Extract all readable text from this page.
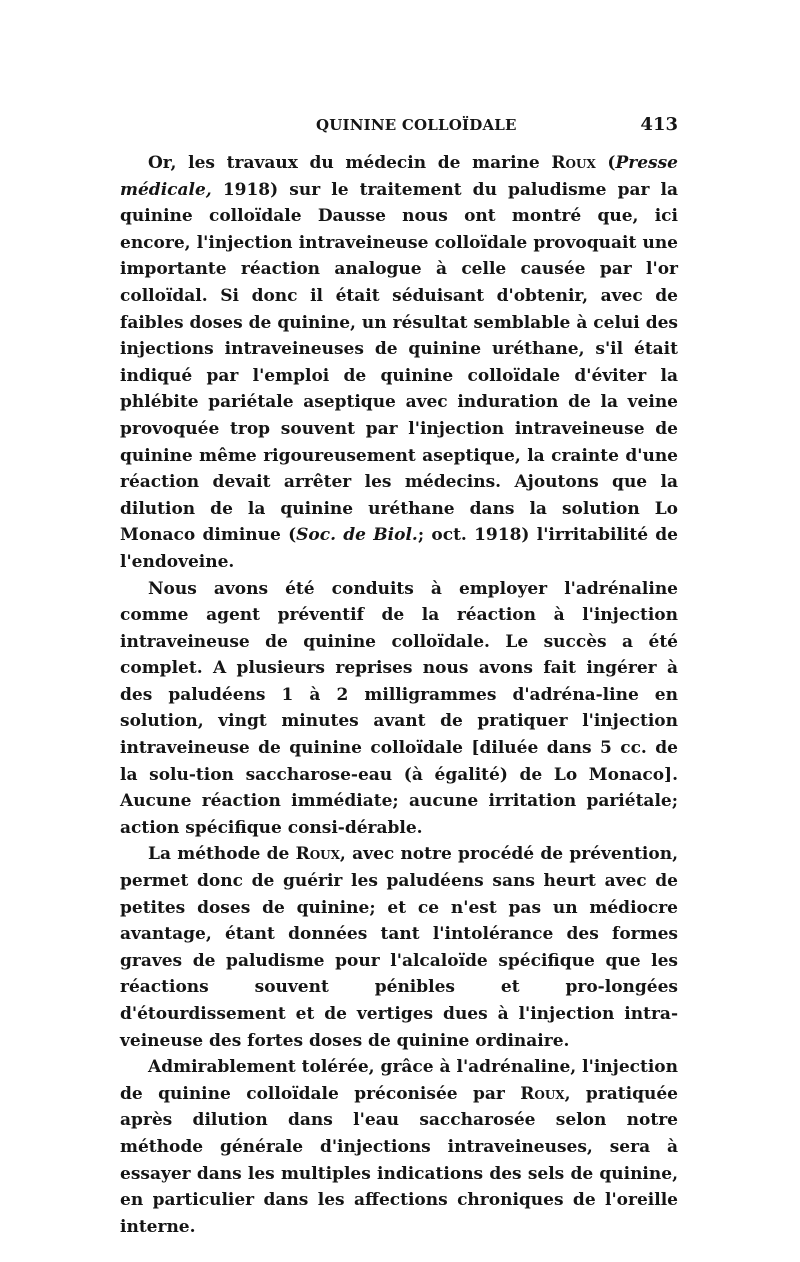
QUININE COLLOÏDALE	413

Or, les travaux du médecin de marine Roux (Presse médicale, 1918) sur le traitement du paludisme par la quinine colloïdale Dausse nous ont montré que, ici encore, l'injection intraveineuse colloïdale provoquait une importante réaction analogue à celle causée par l'or colloïdal. Si donc il était séduisant d'obtenir, avec de faibles doses de quinine, un résultat semblable à celui des injections intraveineuses de quinine uréthane, s'il était indiqué par l'emploi de quinine colloïdale d'éviter la phlébite pariétale aseptique avec induration de la veine provoquée trop souvent par l'injection intraveineuse de quinine même rigoureusement aseptique, la crainte d'une réaction devait arrêter les médecins. Ajoutons que la dilution de la quinine uréthane dans la solution Lo Monaco diminue (Soc. de Biol.; oct. 1918) l'irritabilité de l'endoveine.

Nous avons été conduits à employer l'adrénaline comme agent préventif de la réaction à l'injection intraveineuse de quinine colloïdale. Le succès a été complet. A plusieurs reprises nous avons fait ingérer à des paludéens 1 à 2 milligrammes d'adréna-line en solution, vingt minutes avant de pratiquer l'injection intraveineuse de quinine colloïdale [diluée dans 5 cc. de la solu-tion saccharose-eau (à égalité) de Lo Monaco]. Aucune réaction immédiate; aucune irritation pariétale; action spécifique consi-dérable.

La méthode de Roux, avec notre procédé de prévention, permet donc de guérir les paludéens sans heurt avec de petites doses de quinine; et ce n'est pas un médiocre avantage, étant données tant l'intolérance des formes graves de paludisme pour l'alcaloïde spécifique que les réactions souvent pénibles et pro-longées d'étourdissement et de vertiges dues à l'injection intra-veineuse des fortes doses de quinine ordinaire.

Admirablement tolérée, grâce à l'adrénaline, l'injection de quinine colloïdale préconisée par Roux, pratiquée après dilution dans l'eau saccharosée selon notre méthode générale d'injections intraveineuses, sera à essayer dans les multiples indications des sels de quinine, en particulier dans les affections chroniques de l'oreille interne.
